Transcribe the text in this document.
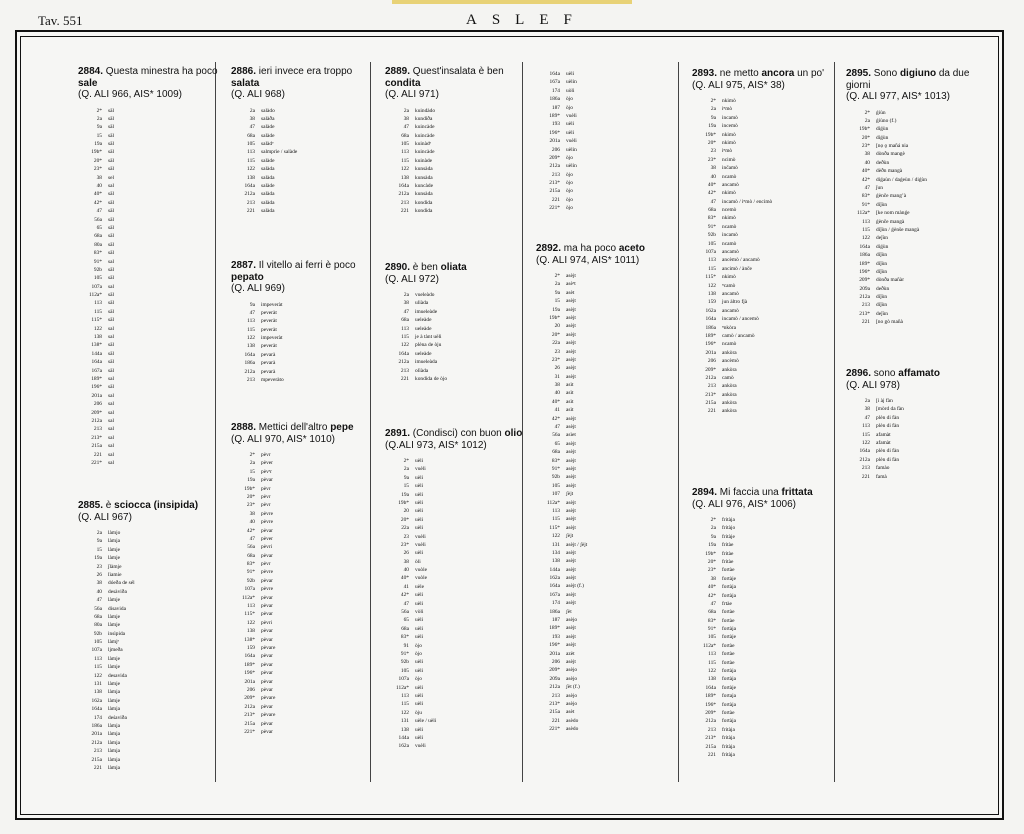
Tav. 551	ASLEF
2884. Questa minestra ha poco sale
(Q. ALI 966, AIS* 1009)
2*	sāl
2a	sāl
9a	sāl
15	sāl
19a	sāl
19b*	sāl
20*	sāl
23*	sāl
38	sel
40	sal
40*	sāl
42*	sāl
47	sāl
56a	sāl
65	sāl
68a	sāl
80a	sāl
83*	sāl
91*	sal
92b	sāl
105	sāl
107a	sal
112a*	sāl
113	sāl
115	sāl
115*	sāl
122	sal
138	sal
138*	sāl
144a	sāl
164a	sāl
167a	sāl
189*	sal
196*	sāl
201a	sal
206	sal
209*	sal
212a	sal
213	sal
213*	sal
215a	sal
221	sal
221*	sal
2885. è sciocca (insipida)
(Q. ALI 967)
2a	làmjo
9a	làmja
15	làmje
19a	làmje
23	ǰlàmje
26	lìamie
38	dóeða de sél
40	desàviða
47	làmje
56a	disavida
68a	làmje
80a	làmje
92b	insìpida
105	làmjᵉ
107a	ljmeða
113	làmje
115	làmje
122	desavida
131	làmje
138	làmja
162a	làmje
164a	làmja
174	deśaviða
186a	làmja
201a	làmja
212a	làmja
213	làmja
215a	làmja
221	làmja
2886. ieri invece era troppo salata
(Q. ALI 968)
2a	salàdo
38	salàða
47	salàde
68a	salàde
105	salàdᵉ
113	salmprìe / salàde
115	salàde
122	salàda
138	salàda
164a	salàde
212a	salàda
213	salàda
221	salàda
2887. Il vitello ai ferri è poco pepato
(Q. ALI 969)
9a	impeveràt
47	peveràt
113	peveràt
115	peveràt
122	impeveràt
138	peveràt
164a	pevarà
186a	pevarà
212a	pevarà
213	mpeveràto
2888. Mettici dell'altro pepe
(Q. ALI 970, AIS* 1010)
2*	pèvr
2a	pèver
15	pèvᵉr
19a	pèvar
19b*	pèvr
20*	pèvr
23*	pèvr
38	pèvre
40	pèvre
42*	pèvar
47	pèver
56a	pèvri
68a	pèvar
83*	pèvr
91*	pèvre
92b	pèvar
107a	pèvre
112a*	pèvar
113	pèvar
115*	pèvar
122	pèvri
138	pèvar
138*	pèvar
159	pèvare
164a	pèvar
189*	pèvar
196*	pèvar
201a	pèvar
206	pèvar
209*	pèvare
212a	pèvar
213*	pèvare
215a	pèvar
221*	pèvar
2889. Quest'insalata è ben condita
(Q. ALI 971)
2a	kuindàdo
38	kundìða
47	kuincàde
68a	kuincàde
105	kuinàdᵉ
113	kuincàde
115	kuinàde
122	kunsàda
138	kunsàda
164a	kuncàde
212a	kunsàda
213	kondìda
221	kondìda
2890. è ben oliata
(Q. ALI 972)
2a	vueleàdo
38	uliàda
47	imueleàde
68a	ueleàde
113	ueleàde
115	je à tànt uèli
122	plèna de òju
164a	ueleàde
212a	imueleàda
213	olìàda
221	kondida de òjo
2891. (Condisci) con buon olio
(Q.ALI 973, AIS* 1012)
2*	uèli
2a	vuèli
9a	uèli
15	uèli
19a	uèli
19b*	uèli
20	uèli
20*	uèli
22a	uèli
23	vuèli
23*	vuèli
26	uèli
38	òli
40	vuòle
40*	vuòle
41	uèle
42*	uèli
47	uèli
56a	vòli
65	uèli
68a	uèli
83*	uèli
91	òjo
91*	òjo
92b	uèli
105	uèli
107a	òjo
112a*	uèli
113	uèli
115	uèli
122	òju
131	uèle / uèli
138	uèli
144a	uèli
162a	vuèli
164a	uèli
167a	uèlin
174	uòli
186a	òjo
187	òjo
189*	vuèli
193	uèli
196*	uèli
201a	vuèli
206	uèlin
209*	òjo
212a	uèlin
213	òjo
213*	òjo
215a	òjo
221	òjo
221*	òjo
2892. ma ha poco aceto
(Q. ALI 974, AIS* 1011)
2*	asèjt
2a	asèᵉt
9a	asèt
15	asèjt
19a	asèjt
19b*	asèjt
20	asèjt
20*	asèjt
22a	asèjt
23	asèjt
23*	asèjt
26	asèjt
31	asèjt
38	asìt
40	asìt
40*	asìt
41	asìt
42*	asèjt
47	asèjt
56a	asìet
65	asèjt
68a	asèjt
83*	asèjt
91*	asèjt
92b	asèjt
105	asèjt
107	ʃèjt
112a*	asèjt
113	asèjt
115	asèjt
115*	asèjt
122	ʃèjt
131	asèjt / ʃèjt
134	asèjt
138	asèjt
144a	asèjt
162a	asèjt
164a	asèjt (f.)
167a	asèjt
174	asèjt
186a	ʃèt
187	asèjo
189*	asèjt
193	asèjt
196*	asèjt
201a	azèt
206	asèjt
209*	asèjo
209a	asèjo
212a	ʃèt (f.)
213	asèjo
213*	asèjo
215a	asèt
221	asèdo
221*	asèdo
2893. ne metto ancora un po'
(Q. ALI 975, AIS* 38)
2*	nkimò
2a	iⁿmò
9a	incamò
19a	incemò
19b*	nkimò
20*	nkimò
23	iⁿmò
23*	ncimò
38	inčamò
40	ncamò
40*	ancamò
42*	nkimò
47	incamò / iⁿmò / encimò
68a	ncemò
83*	nkimò
91*	ncamò
92b	incamò
105	ncamò
107a	ancamò
113	ancèmò / ancamò
115	ancimò / ànče
115*	nkimò
122	ⁿcamò
138	ancamò
159	jun àltro fjà
162a	ancamò
164a	incamò / ancemò
186a	ⁿnkòra
189*	camò / ancamò
196*	ncamò
201a	ankòra
206	ancèmò
209*	ankòra
212a	camò
213	ankòra
213*	ankòra
215a	ankòra
221	ankòra
2894. Mi faccia una frittata
(Q. ALI 976, AIS* 1006)
2*	fritàja
2a	fritàjo
9a	fritàje
19a	fritàe
19b*	fritàe
20*	fritàe
23*	fortàe
38	fortàje
40*	fortàja
42*	fortàja
47	frtàe
68a	fortàe
83*	fortàe
91*	fortàja
105	fortàje
112a*	fortàe
113	fortàe
115	fortàe
122	fortàja
138	fortàja
164a	fortàje
189*	fortaja
196*	fortàja
209*	fortàe
212a	fortàja
213	fritàja
213*	fritàja
215a	fritàja
221	fritàja
2895. Sono digiuno da due giorni
(Q. ALI 977, AIS* 1013)
2*	ǵiùn
2a	ǵiùno (f.)
19b*	dìǵùn
20*	dìǵùn
23*	[nọ ǫ mañá nia
38	dònða mangè
40	deðùn
40*	dèðn mangà
42*	diǵaùn / daǵeùn / diǵùn
47	ǰun
83*	ǵènče mangʼà
91*	dìǰùn
112a*	[ke nom mànǵe
113	ǵènče mangà
115	dìǰùn / ǵènše mangà
122	deǰùn
164a	diǵùn
186a	dìǰùn
189*	dìǰùn
196*	dìǰùn
209*	dònða mañàr
209a	deðùn
212a	dìǰùn
213	dìǰùn
213*	deǰùn
221	[no gò mañà
2896. sono affamato
(Q. ALI 978)
2a	[i àj fàn
38	[mòrd da fàn
47	plèn di fàn
113	plèn di fàn
115	afamàt
122	afamàt
164a	plèn di fàn
212a	plèn di fàn
213	famào
221	famà
